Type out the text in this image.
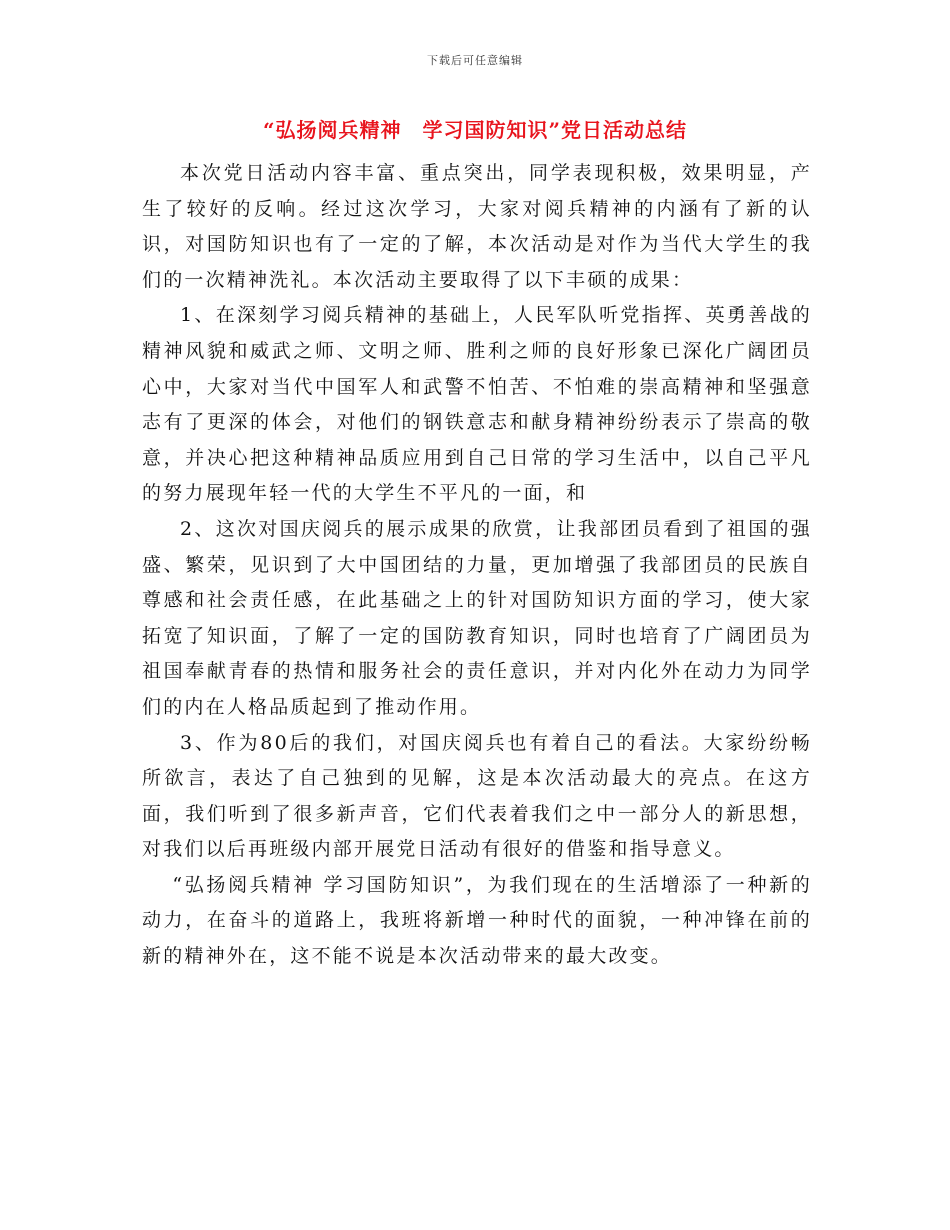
下载后可任意编辑
“弘扬阅兵精神　学习国防知识”党日活动总结

本次党日活动内容丰富、重点突出，同学表现积极，效果明显，产生了较好的反响。经过这次学习，大家对阅兵精神的内涵有了新的认识，对国防知识也有了一定的了解，本次活动是对作为当代大学生的我们的一次精神洗礼。本次活动主要取得了以下丰硕的成果：

1、在深刻学习阅兵精神的基础上，人民军队听党指挥、英勇善战的精神风貌和威武之师、文明之师、胜利之师的良好形象已深化广阔团员心中，大家对当代中国军人和武警不怕苦、不怕难的崇高精神和坚强意志有了更深的体会，对他们的钢铁意志和献身精神纷纷表示了崇高的敬意，并决心把这种精神品质应用到自己日常的学习生活中，以自己平凡的努力展现年轻一代的大学生不平凡的一面，和

2、这次对国庆阅兵的展示成果的欣赏，让我部团员看到了祖国的强盛、繁荣，见识到了大中国团结的力量，更加增强了我部团员的民族自尊感和社会责任感，在此基础之上的针对国防知识方面的学习，使大家拓宽了知识面，了解了一定的国防教育知识，同时也培育了广阔团员为祖国奉献青春的热情和服务社会的责任意识，并对内化外在动力为同学们的内在人格品质起到了推动作用。

3、作为80后的我们，对国庆阅兵也有着自己的看法。大家纷纷畅所欲言，表达了自己独到的见解，这是本次活动最大的亮点。在这方面，我们听到了很多新声音，它们代表着我们之中一部分人的新思想，对我们以后再班级内部开展党日活动有很好的借鉴和指导意义。

“弘扬阅兵精神 学习国防知识”，为我们现在的生活增添了一种新的动力，在奋斗的道路上，我班将新增一种时代的面貌，一种冲锋在前的新的精神外在，这不能不说是本次活动带来的最大改变。
